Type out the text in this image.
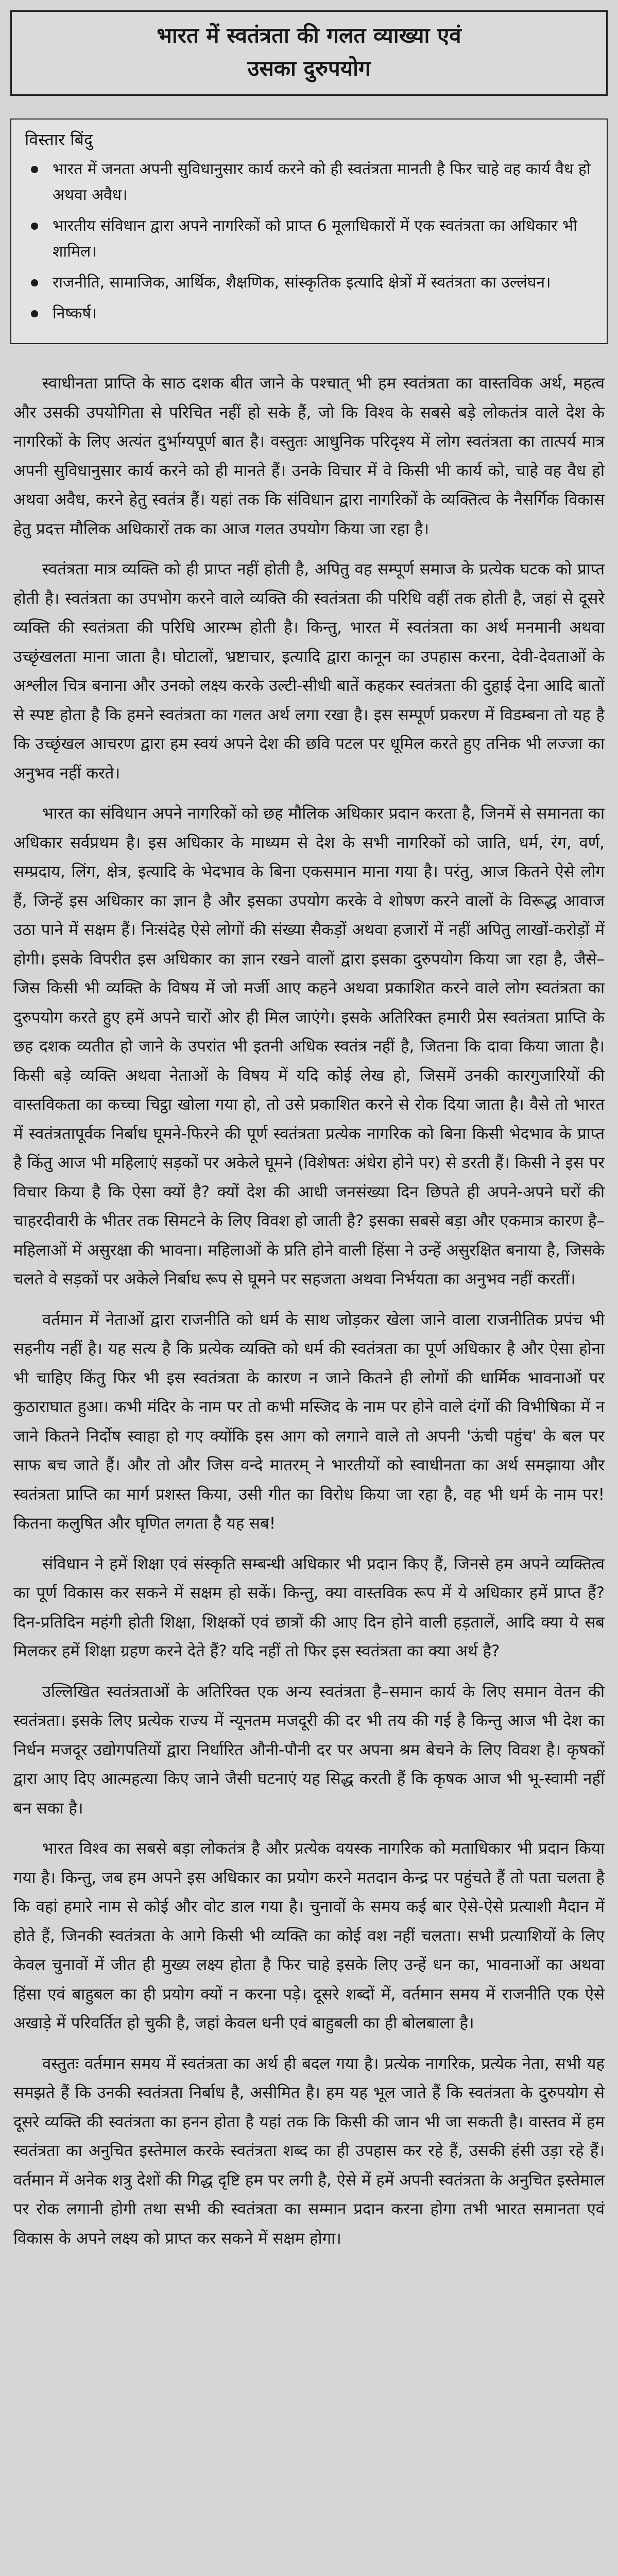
भारत में स्वतंत्रता की गलत व्याख्या एवं
उसका दुरुपयोग
विस्तार बिंदु
भारत में जनता अपनी सुविधानुसार कार्य करने को ही स्वतंत्रता मानती है फिर चाहे वह कार्य वैध हो अथवा अवैध।
भारतीय संविधान द्वारा अपने नागरिकों को प्राप्त 6 मूलाधिकारों में एक स्वतंत्रता का अधिकार भी शामिल।
राजनीति, सामाजिक, आर्थिक, शैक्षणिक, सांस्कृतिक इत्यादि क्षेत्रों में स्वतंत्रता का उल्लंघन।
निष्कर्ष।

स्वाधीनता प्राप्ति के साठ दशक बीत जाने के पश्चात् भी हम स्वतंत्रता का वास्तविक अर्थ, महत्व और उसकी उपयोगिता से परिचित नहीं हो सके हैं, जो कि विश्व के सबसे बड़े लोकतंत्र वाले देश के नागरिकों के लिए अत्यंत दुर्भाग्यपूर्ण बात है। वस्तुतः आधुनिक परिदृश्य में लोग स्वतंत्रता का तात्पर्य मात्र अपनी सुविधानुसार कार्य करने को ही मानते हैं। उनके विचार में वे किसी भी कार्य को, चाहे वह वैध हो अथवा अवैध, करने हेतु स्वतंत्र हैं। यहां तक कि संविधान द्वारा नागरिकों के व्यक्तित्व के नैसर्गिक विकास हेतु प्रदत्त मौलिक अधिकारों तक का आज गलत उपयोग किया जा रहा है।

स्वतंत्रता मात्र व्यक्ति को ही प्राप्त नहीं होती है, अपितु वह सम्पूर्ण समाज के प्रत्येक घटक को प्राप्त होती है। स्वतंत्रता का उपभोग करने वाले व्यक्ति की स्वतंत्रता की परिधि वहीं तक होती है, जहां से दूसरे व्यक्ति की स्वतंत्रता की परिधि आरम्भ होती है। किन्तु, भारत में स्वतंत्रता का अर्थ मनमानी अथवा उच्छृंखलता माना जाता है। घोटालों, भ्रष्टाचार, इत्यादि द्वारा कानून का उपहास करना, देवी-देवताओं के अश्लील चित्र बनाना और उनको लक्ष्य करके उल्टी-सीधी बातें कहकर स्वतंत्रता की दुहाई देना आदि बातों से स्पष्ट होता है कि हमने स्वतंत्रता का गलत अर्थ लगा रखा है। इस सम्पूर्ण प्रकरण में विडम्बना तो यह है कि उच्छृंखल आचरण द्वारा हम स्वयं अपने देश की छवि पटल पर धूमिल करते हुए तनिक भी लज्जा का अनुभव नहीं करते।

भारत का संविधान अपने नागरिकों को छह मौलिक अधिकार प्रदान करता है, जिनमें से समानता का अधिकार सर्वप्रथम है। इस अधिकार के माध्यम से देश के सभी नागरिकों को जाति, धर्म, रंग, वर्ण, सम्प्रदाय, लिंग, क्षेत्र, इत्यादि के भेदभाव के बिना एकसमान माना गया है। परंतु, आज कितने ऐसे लोग हैं, जिन्हें इस अधिकार का ज्ञान है और इसका उपयोग करके वे शोषण करने वालों के विरूद्ध आवाज उठा पाने में सक्षम हैं। निःसंदेह ऐसे लोगों की संख्या सैकड़ों अथवा हजारों में नहीं अपितु लाखों-करोड़ों में होगी। इसके विपरीत इस अधिकार का ज्ञान रखने वालों द्वारा इसका दुरुपयोग किया जा रहा है, जैसे–जिस किसी भी व्यक्ति के विषय में जो मर्जी आए कहने अथवा प्रकाशित करने वाले लोग स्वतंत्रता का दुरुपयोग करते हुए हमें अपने चारों ओर ही मिल जाएंगे। इसके अतिरिक्त हमारी प्रेस स्वतंत्रता प्राप्ति के छह दशक व्यतीत हो जाने के उपरांत भी इतनी अधिक स्वतंत्र नहीं है, जितना कि दावा किया जाता है। किसी बड़े व्यक्ति अथवा नेताओं के विषय में यदि कोई लेख हो, जिसमें उनकी कारगुजारियों की वास्तविकता का कच्चा चिट्ठा खोला गया हो, तो उसे प्रकाशित करने से रोक दिया जाता है। वैसे तो भारत में स्वतंत्रतापूर्वक निर्बाध घूमने-फिरने की पूर्ण स्वतंत्रता प्रत्येक नागरिक को बिना किसी भेदभाव के प्राप्त है किंतु आज भी महिलाएं सड़कों पर अकेले घूमने (विशेषतः अंधेरा होने पर) से डरती हैं। किसी ने इस पर विचार किया है कि ऐसा क्यों है? क्यों देश की आधी जनसंख्या दिन छिपते ही अपने-अपने घरों की चाहरदीवारी के भीतर तक सिमटने के लिए विवश हो जाती है? इसका सबसे बड़ा और एकमात्र कारण है–महिलाओं में असुरक्षा की भावना। महिलाओं के प्रति होने वाली हिंसा ने उन्हें असुरक्षित बनाया है, जिसके चलते वे सड़कों पर अकेले निर्बाध रूप से घूमने पर सहजता अथवा निर्भयता का अनुभव नहीं करतीं।

वर्तमान में नेताओं द्वारा राजनीति को धर्म के साथ जोड़कर खेला जाने वाला राजनीतिक प्रपंच भी सहनीय नहीं है। यह सत्य है कि प्रत्येक व्यक्ति को धर्म की स्वतंत्रता का पूर्ण अधिकार है और ऐसा होना भी चाहिए किंतु फिर भी इस स्वतंत्रता के कारण न जाने कितने ही लोगों की धार्मिक भावनाओं पर कुठाराघात हुआ। कभी मंदिर के नाम पर तो कभी मस्जिद के नाम पर होने वाले दंगों की विभीषिका में न जाने कितने निर्दोष स्वाहा हो गए क्योंकि इस आग को लगाने वाले तो अपनी 'ऊंची पहुंच' के बल पर साफ बच जाते हैं। और तो और जिस वन्दे मातरम् ने भारतीयों को स्वाधीनता का अर्थ समझाया और स्वतंत्रता प्राप्ति का मार्ग प्रशस्त किया, उसी गीत का विरोध किया जा रहा है, वह भी धर्म के नाम पर! कितना कलुषित और घृणित लगता है यह सब!

संविधान ने हमें शिक्षा एवं संस्कृति सम्बन्धी अधिकार भी प्रदान किए हैं, जिनसे हम अपने व्यक्तित्व का पूर्ण विकास कर सकने में सक्षम हो सकें। किन्तु, क्या वास्तविक रूप में ये अधिकार हमें प्राप्त हैं? दिन-प्रतिदिन महंगी होती शिक्षा, शिक्षकों एवं छात्रों की आए दिन होने वाली हड़तालें, आदि क्या ये सब मिलकर हमें शिक्षा ग्रहण करने देते हैं? यदि नहीं तो फिर इस स्वतंत्रता का क्या अर्थ है?

उल्लिखित स्वतंत्रताओं के अतिरिक्त एक अन्य स्वतंत्रता है–समान कार्य के लिए समान वेतन की स्वतंत्रता। इसके लिए प्रत्येक राज्य में न्यूनतम मजदूरी की दर भी तय की गई है किन्तु आज भी देश का निर्धन मजदूर उद्योगपतियों द्वारा निर्धारित औनी-पौनी दर पर अपना श्रम बेचने के लिए विवश है। कृषकों द्वारा आए दिए आत्महत्या किए जाने जैसी घटनाएं यह सिद्ध करती हैं कि कृषक आज भी भू-स्वामी नहीं बन सका है।

भारत विश्व का सबसे बड़ा लोकतंत्र है और प्रत्येक वयस्क नागरिक को मताधिकार भी प्रदान किया गया है। किन्तु, जब हम अपने इस अधिकार का प्रयोग करने मतदान केन्द्र पर पहुंचते हैं तो पता चलता है कि वहां हमारे नाम से कोई और वोट डाल गया है। चुनावों के समय कई बार ऐसे-ऐसे प्रत्याशी मैदान में होते हैं, जिनकी स्वतंत्रता के आगे किसी भी व्यक्ति का कोई वश नहीं चलता। सभी प्रत्याशियों के लिए केवल चुनावों में जीत ही मुख्य लक्ष्य होता है फिर चाहे इसके लिए उन्हें धन का, भावनाओं का अथवा हिंसा एवं बाहुबल का ही प्रयोग क्यों न करना पड़े। दूसरे शब्दों में, वर्तमान समय में राजनीति एक ऐसे अखाड़े में परिवर्तित हो चुकी है, जहां केवल धनी एवं बाहुबली का ही बोलबाला है।

वस्तुतः वर्तमान समय में स्वतंत्रता का अर्थ ही बदल गया है। प्रत्येक नागरिक, प्रत्येक नेता, सभी यह समझते हैं कि उनकी स्वतंत्रता निर्बाध है, असीमित है। हम यह भूल जाते हैं कि स्वतंत्रता के दुरुपयोग से दूसरे व्यक्ति की स्वतंत्रता का हनन होता है यहां तक कि किसी की जान भी जा सकती है। वास्तव में हम स्वतंत्रता का अनुचित इस्तेमाल करके स्वतंत्रता शब्द का ही उपहास कर रहे हैं, उसकी हंसी उड़ा रहे हैं। वर्तमान में अनेक शत्रु देशों की गिद्ध दृष्टि हम पर लगी है, ऐसे में हमें अपनी स्वतंत्रता के अनुचित इस्तेमाल पर रोक लगानी होगी तथा सभी की स्वतंत्रता का सम्मान प्रदान करना होगा तभी भारत समानता एवं विकास के अपने लक्ष्य को प्राप्त कर सकने में सक्षम होगा।
